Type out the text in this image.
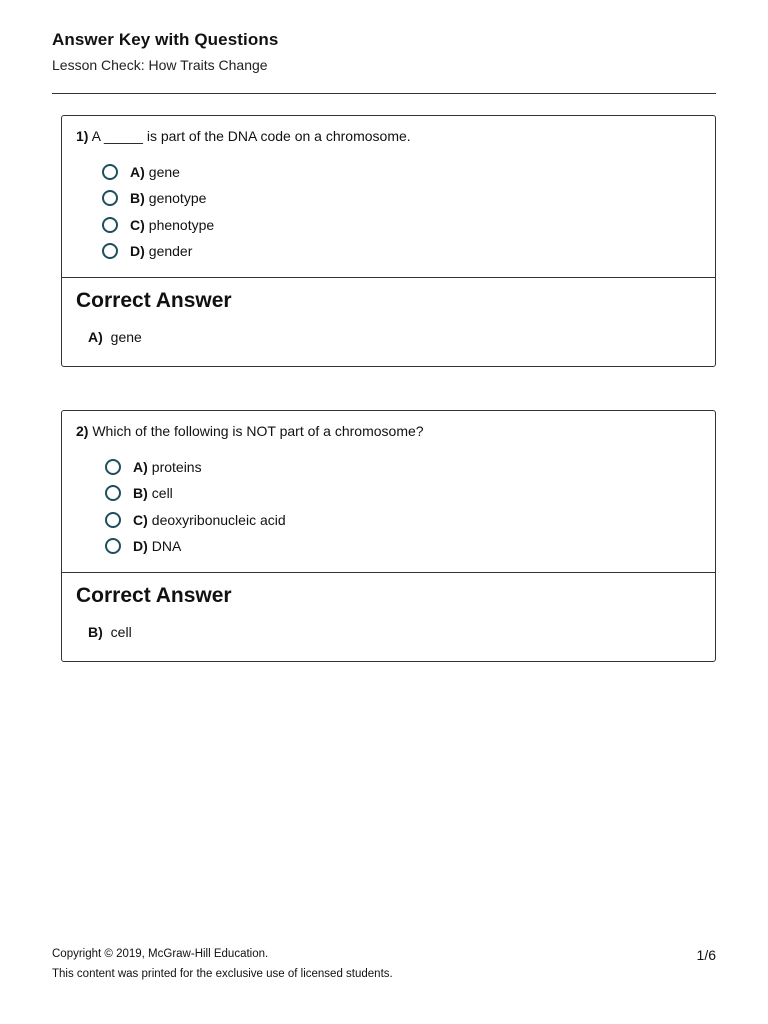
Answer Key with Questions
Lesson Check: How Traits Change
1) A _____ is part of the DNA code on a chromosome.
A) gene
B) genotype
C) phenotype
D) gender
Correct Answer
A) gene
2) Which of the following is NOT part of a chromosome?
A) proteins
B) cell
C) deoxyribonucleic acid
D) DNA
Correct Answer
B) cell
Copyright © 2019, McGraw-Hill Education.
This content was printed for the exclusive use of licensed students.
1/6
